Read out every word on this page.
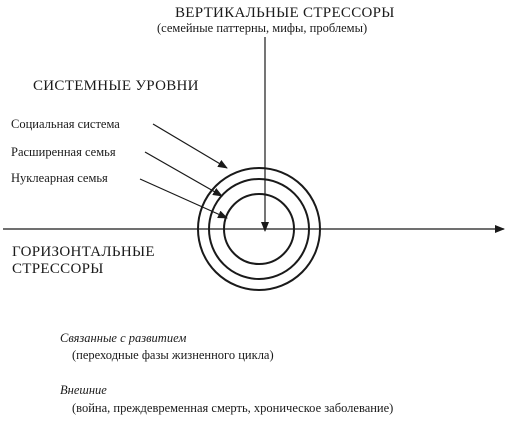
ВЕРТИКАЛЬНЫЕ СТРЕССОРЫ
(семейные паттерны, мифы, проблемы)
СИСТЕМНЫЕ УРОВНИ
Социальная система
Расширенная семья
Нуклеарная семья
ГОРИЗОНТАЛЬНЫЕ
СТРЕССОРЫ
Связанные с развитием
(переходные фазы жизненного цикла)
Внешние
(война, преждевременная смерть, хроническое заболевание)
